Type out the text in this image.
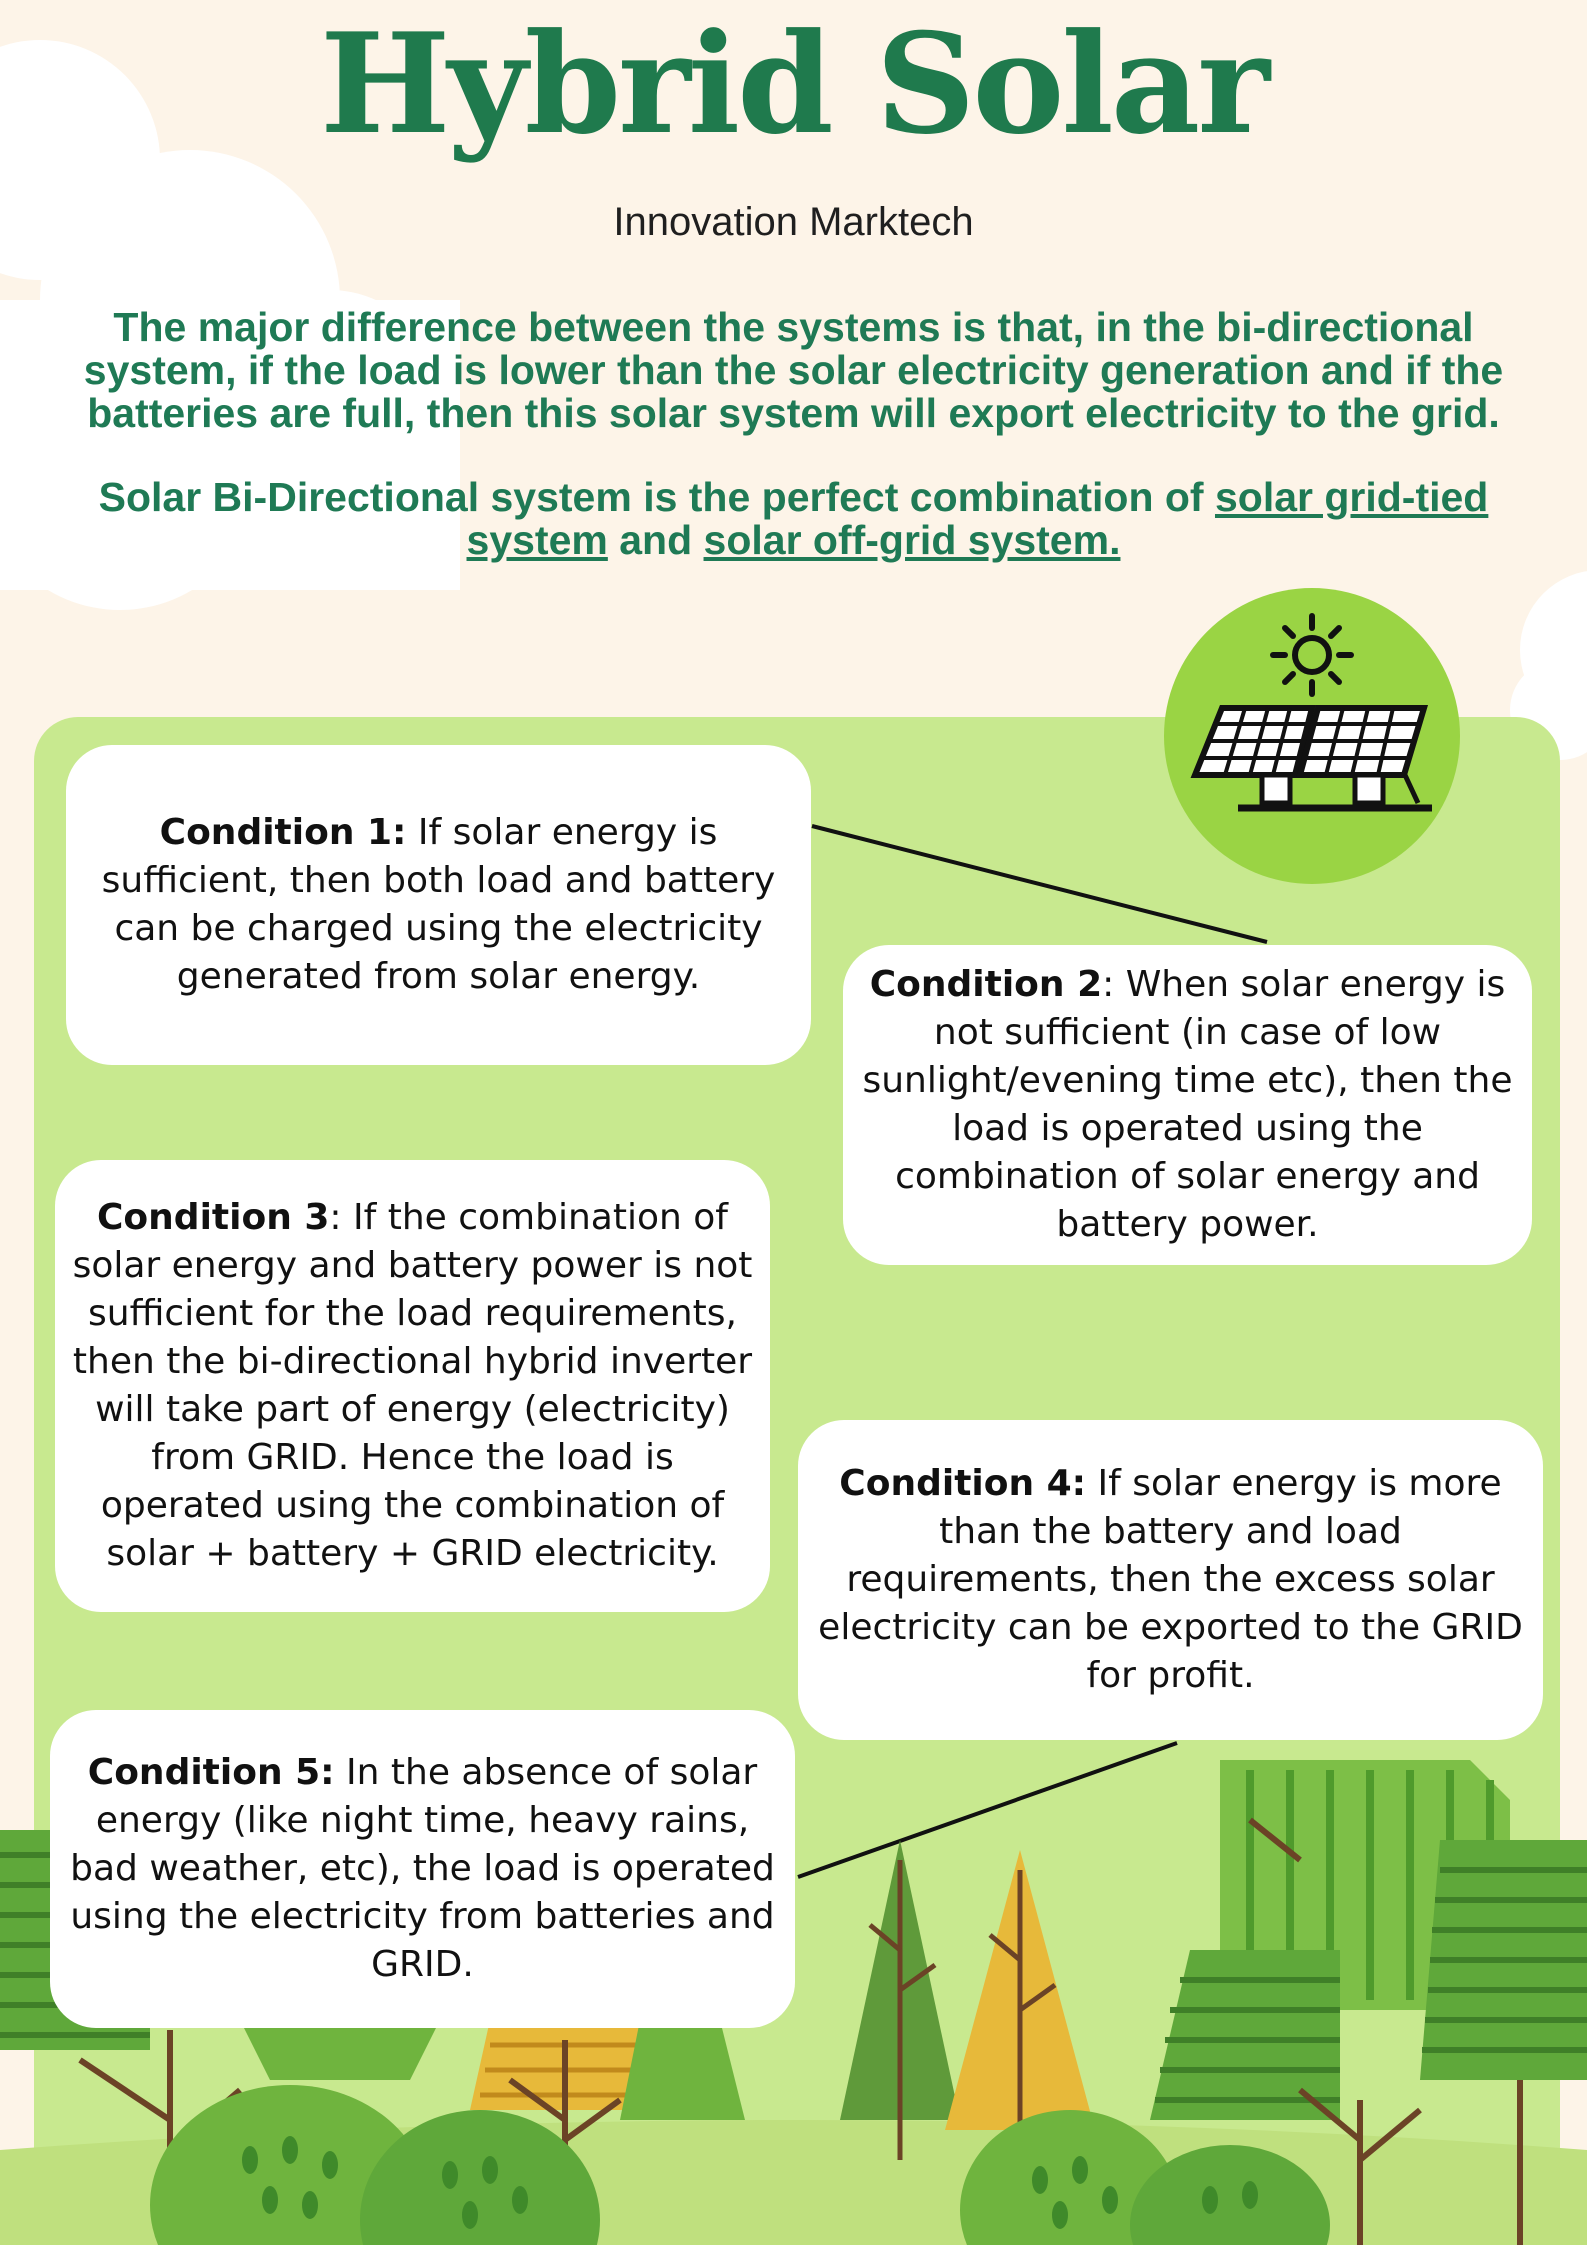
Hybrid Solar
Innovation Marktech
The major difference between the systems is that, in the bi-directional system, if the load is lower than the solar electricity generation and if the batteries are full, then this solar system will export electricity to the grid.
Solar Bi-Directional system is the perfect combination of solar grid-tied system and solar off-grid system.
Condition 1: If solar energy is sufficient, then both load and battery can be charged using the electricity generated from solar energy.	Condition 2: When solar energy is not sufficient (in case of low sunlight/evening time etc), then the load is operated using the combination of solar energy and battery power.
Condition 3: If the combination of solar energy and battery power is not sufficient for the load requirements, then the bi-directional hybrid inverter will take part of energy (electricity) from GRID. Hence the load is operated using the combination of solar + battery + GRID electricity.
Condition 4: If solar energy is more than the battery and load requirements, then the excess solar electricity can be exported to the GRID for profit.
Condition 5: In the absence of solar energy (like night time, heavy rains, bad weather, etc), the load is operated using the electricity from batteries and GRID.
